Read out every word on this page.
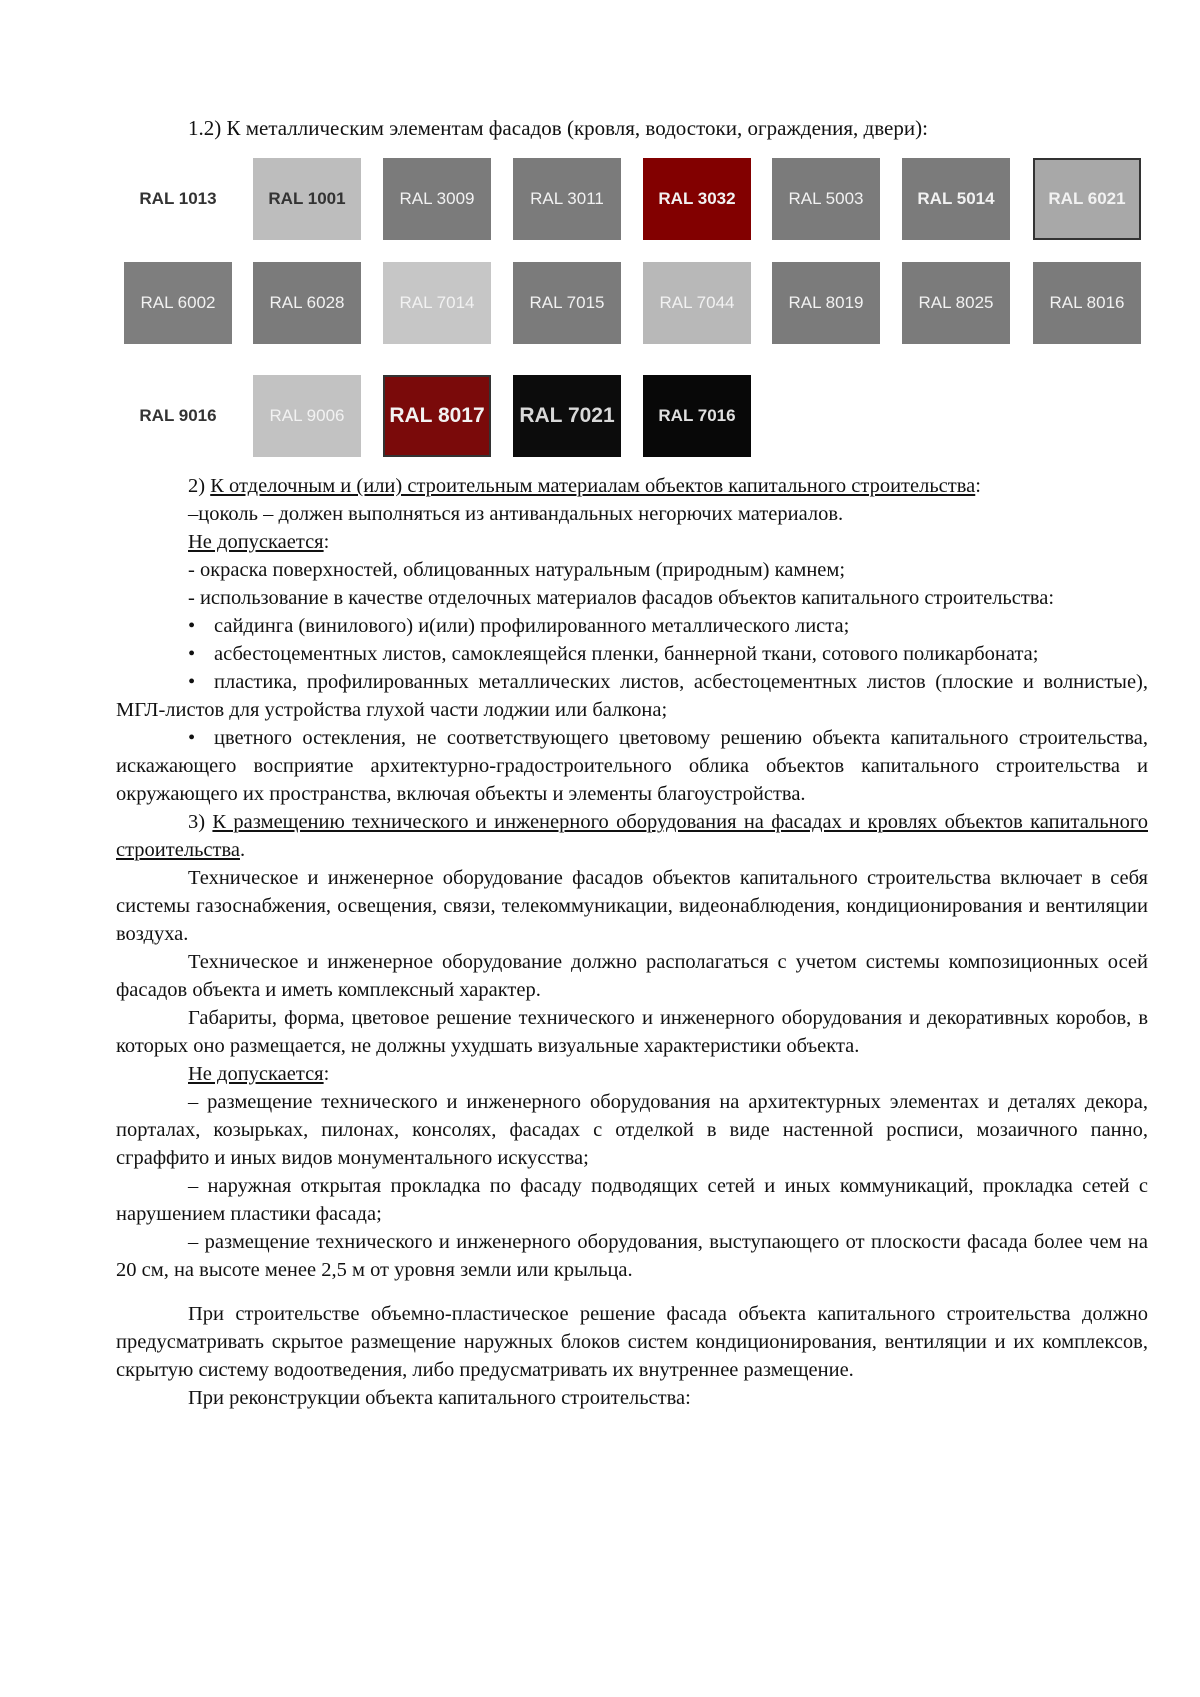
1.2) К металлическим элементам фасадов (кровля, водостоки, ограждения, двери):
RAL 1013	RAL 1001	RAL 3009	RAL 3011	RAL 3032	RAL 5003	RAL 5014	RAL 6021
RAL 6002	RAL 6028	RAL 7014	RAL 7015	RAL 7044	RAL 8019	RAL 8025	RAL 8016
RAL 9016	RAL 9006	RAL 8017	RAL 7021	RAL 7016

2) К отделочным и (или) строительным материалам объектов капитального строительства:

–цоколь – должен выполняться из антивандальных негорючих материалов.

Не допускается:

- окраска поверхностей, облицованных натуральным (природным) камнем;

- использование в качестве отделочных материалов фасадов объектов капитального строительства:

• сайдинга (винилового) и(или) профилированного металлического листа;

• асбестоцементных листов, самоклеящейся пленки, баннерной ткани, сотового поликарбоната;

• пластика, профилированных металлических листов, асбестоцементных листов (плоские и волнистые), МГЛ-листов для устройства глухой части лоджии или балкона;

• цветного остекления, не соответствующего цветовому решению объекта капитального строительства, искажающего восприятие архитектурно-градостроительного облика объектов капитального строительства и окружающего их пространства, включая объекты и элементы благоустройства.

3) К размещению технического и инженерного оборудования на фасадах и кровлях объектов капитального строительства.

Техническое и инженерное оборудование фасадов объектов капитального строительства включает в себя системы газоснабжения, освещения, связи, телекоммуникации, видеонаблюдения, кондиционирования и вентиляции воздуха.

Техническое и инженерное оборудование должно располагаться с учетом системы композиционных осей фасадов объекта и иметь комплексный характер.

Габариты, форма, цветовое решение технического и инженерного оборудования и декоративных коробов, в которых оно размещается, не должны ухудшать визуальные характеристики объекта.

Не допускается:

– размещение технического и инженерного оборудования на архитектурных элементах и деталях декора, порталах, козырьках, пилонах, консолях, фасадах с отделкой в виде настенной росписи, мозаичного панно, сграффито и иных видов монументального искусства;

– наружная открытая прокладка по фасаду подводящих сетей и иных коммуникаций, прокладка сетей с нарушением пластики фасада;

– размещение технического и инженерного оборудования, выступающего от плоскости фасада более чем на 20 см, на высоте менее 2,5 м от уровня земли или крыльца.

При строительстве объемно-пластическое решение фасада объекта капитального строительства должно предусматривать скрытое размещение наружных блоков систем кондиционирования, вентиляции и их комплексов, скрытую систему водоотведения, либо предусматривать их внутреннее размещение.

При реконструкции объекта капитального строительства:
